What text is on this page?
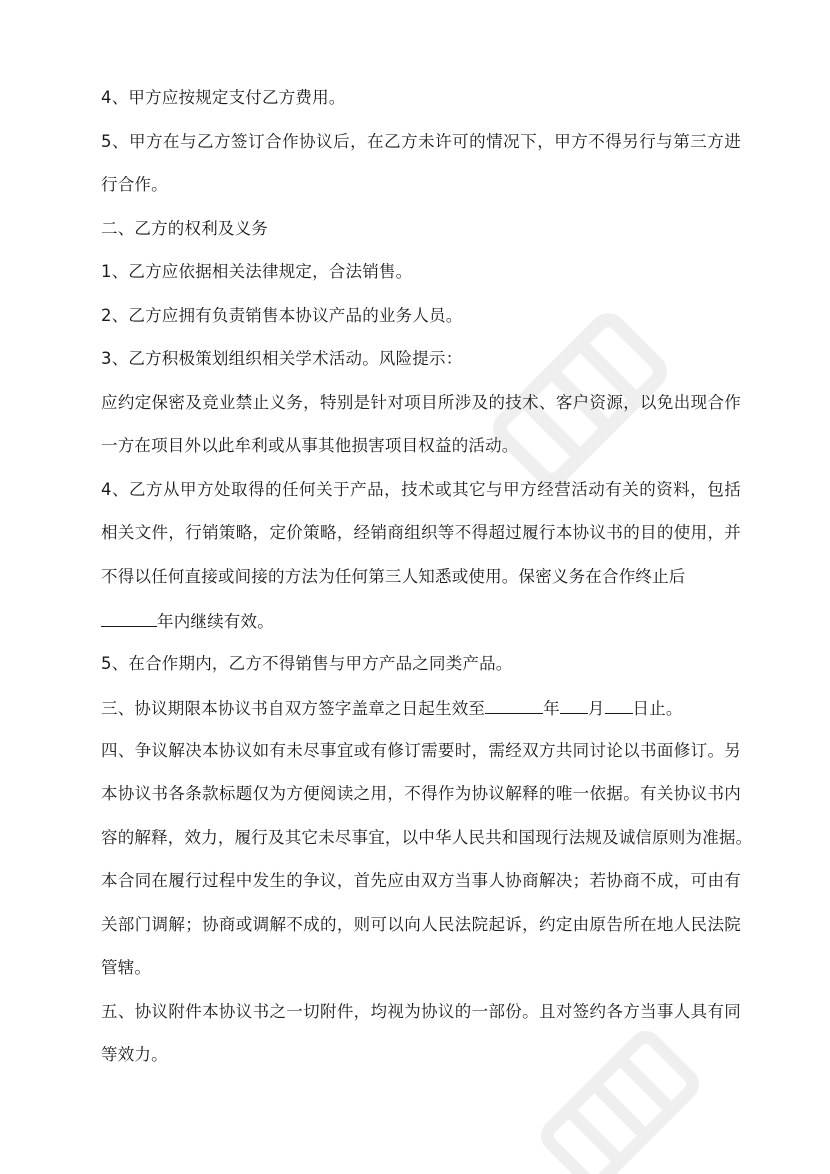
4、甲方应按规定支付乙方费用。
5、甲方在与乙方签订合作协议后，在乙方未许可的情况下，甲方不得另行与第三方进
行合作。
二、乙方的权利及义务
1、乙方应依据相关法律规定，合法销售。
2、乙方应拥有负责销售本协议产品的业务人员。
3、乙方积极策划组织相关学术活动。风险提示：
应约定保密及竞业禁止义务，特别是针对项目所涉及的技术、客户资源，以免出现合作
一方在项目外以此牟利或从事其他损害项目权益的活动。
4、乙方从甲方处取得的任何关于产品，技术或其它与甲方经营活动有关的资料，包括
相关文件，行销策略，定价策略，经销商组织等不得超过履行本协议书的目的使用，并
不得以任何直接或间接的方法为任何第三人知悉或使用。保密义务在合作终止后
年内继续有效。
5、在合作期内，乙方不得销售与甲方产品之同类产品。
三、协议期限本协议书自双方签字盖章之日起生效至	年 月 日止。
四、争议解决本协议如有未尽事宜或有修订需要时，需经双方共同讨论以书面修订。另
本协议书各条款标题仅为方便阅读之用，不得作为协议解释的唯一依据。有关协议书内
容的解释，效力，履行及其它未尽事宜，以中华人民共和国现行法规及诚信原则为准据。
本合同在履行过程中发生的争议，首先应由双方当事人协商解决；若协商不成，可由有
关部门调解；协商或调解不成的，则可以向人民法院起诉，约定由原告所在地人民法院
管辖。
五、协议附件本协议书之一切附件，均视为协议的一部份。且对签约各方当事人具有同
等效力。
